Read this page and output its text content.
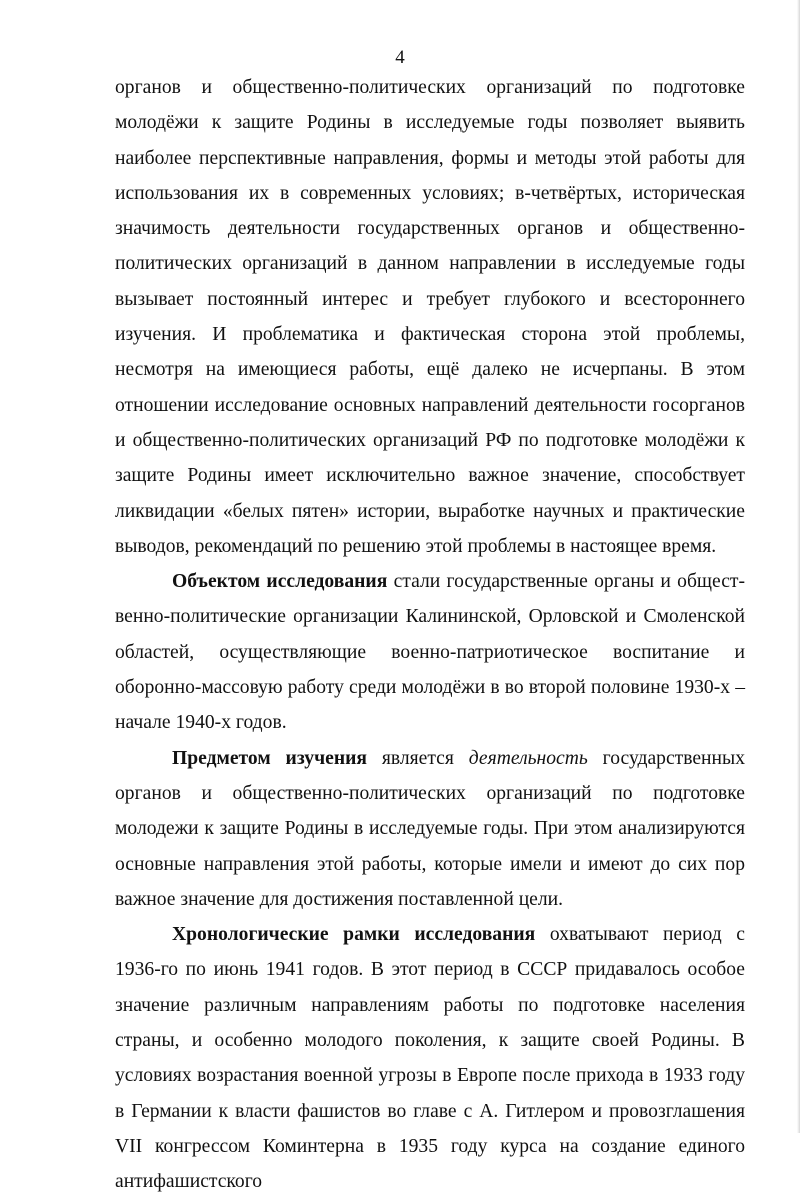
4

органов и общественно-политических организаций по подготовке молодёжи к защите Родины в исследуемые годы позволяет выявить наиболее перспективные направления, формы и методы этой работы для использования их в современных условиях; в-четвёртых, историческая значимость деятельности государственных органов и общественно-политических организаций в данном направлении в исследуемые годы вызывает постоянный интерес и требует глубокого и всестороннего изучения. И проблематика и фактическая сторона этой проблемы, несмотря на имеющиеся работы, ещё далеко не исчерпаны. В этом отношении исследование основных направлений деятельности госорганов и общественно-политических организаций РФ по подготовке молодёжи к защите Родины имеет исключительно важное значение, способствует ликвидации «белых пятен» истории, выработке научных и практические выводов, рекомендаций по решению этой проблемы в настоящее время.

Объектом исследования стали государственные органы и общественно-политические организации Калининской, Орловской и Смоленской областей, осуществляющие военно-патриотическое воспитание и оборонно-массовую работу среди молодёжи в во второй половине 1930-х – начале 1940-х годов.

Предметом изучения является деятельность государственных органов и общественно-политических организаций по подготовке молодежи к защите Родины в исследуемые годы. При этом анализируются основные направления этой работы, которые имели и имеют до сих пор важное значение для достижения поставленной цели.

Хронологические рамки исследования охватывают период с 1936-го по июнь 1941 годов. В этот период в СССР придавалось особое значение различным направлениям работы по подготовке населения страны, и особенно молодого поколения, к защите своей Родины. В условиях возрастания военной угрозы в Европе после прихода в 1933 году в Германии к власти фашистов во главе с А. Гитлером и провозглашения VII конгрессом Коминтерна в 1935 году курса на создание единого антифашистского
